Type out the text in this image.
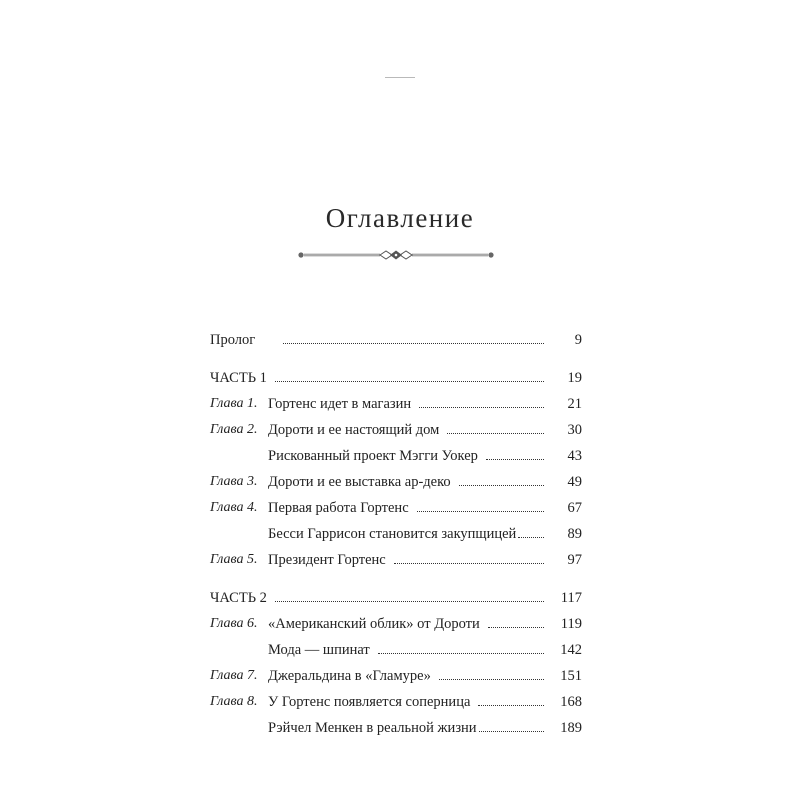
Оглавление
Пролог	9
ЧАСТЬ 1	19
Глава 1. Гортенс идет в магазин	21
Глава 2. Дороти и ее настоящий дом	30
Рискованный проект Мэгги Уокер	43
Глава 3. Дороти и ее выставка ар-деко	49
Глава 4. Первая работа Гортенс	67
Бесси Гаррисон становится закупщицей	89
Глава 5. Президент Гортенс	97
ЧАСТЬ 2	117
Глава 6. «Американский облик» от Дороти	119
Мода — шпинат	142
Глава 7. Джеральдина в «Гламуре»	151
Глава 8. У Гортенс появляется соперница	168
Рэйчел Менкен в реальной жизни	189
